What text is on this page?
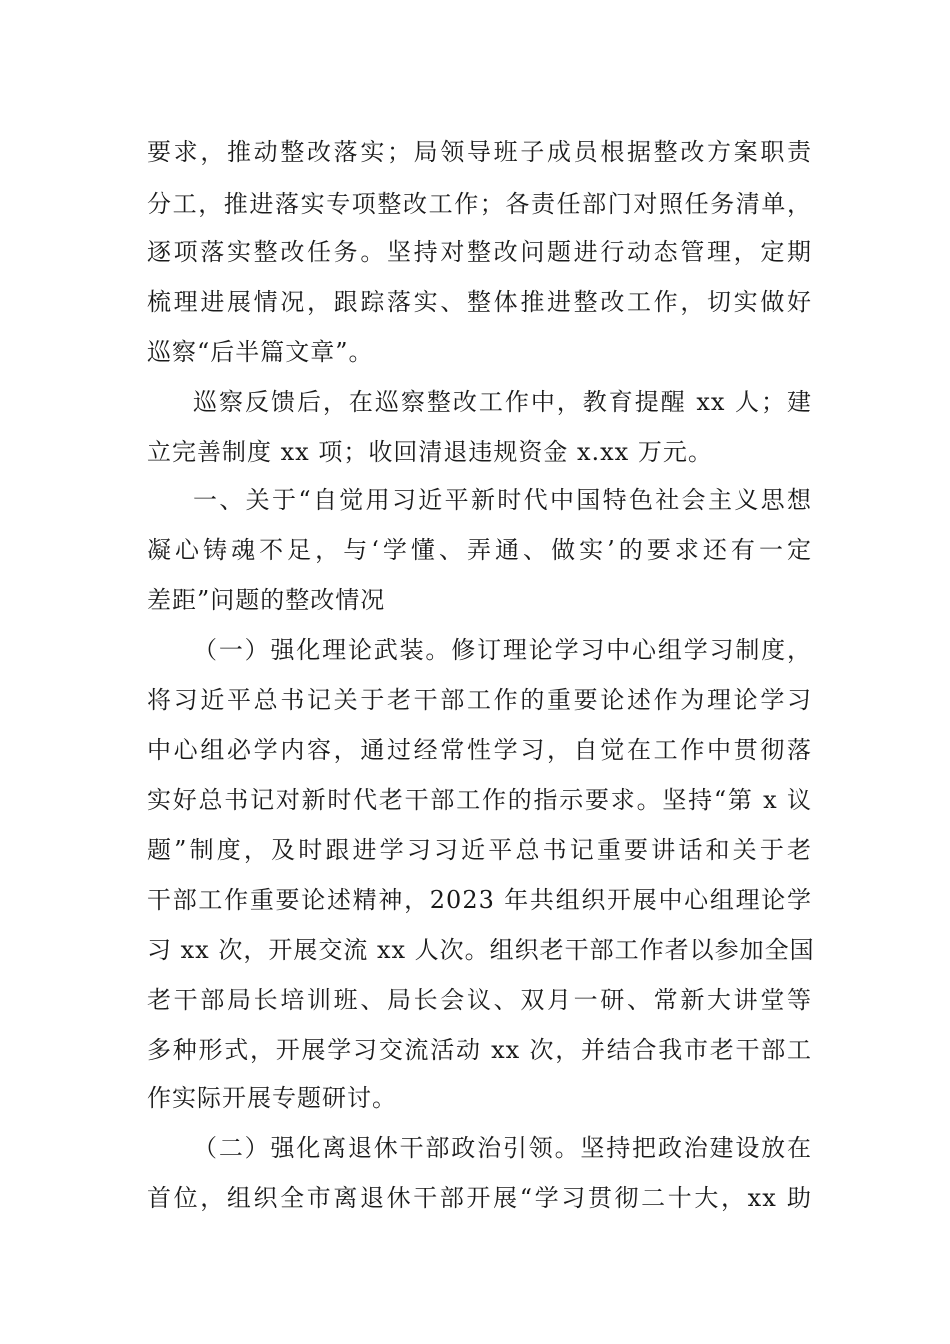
要求，推动整改落实；局领导班子成员根据整改方案职责
分工，推进落实专项整改工作；各责任部门对照任务清单，
逐项落实整改任务。坚持对整改问题进行动态管理，定期
梳理进展情况，跟踪落实、整体推进整改工作，切实做好
巡察“后半篇文章”。
巡察反馈后，在巡察整改工作中，教育提醒 xx 人；建
立完善制度 xx 项；收回清退违规资金 x.xx 万元。
一、关于“自觉用习近平新时代中国特色社会主义思想
凝心铸魂不足，与‘学懂、弄通、做实’的要求还有一定
差距”问题的整改情况
（一）强化理论武装。修订理论学习中心组学习制度，
将习近平总书记关于老干部工作的重要论述作为理论学习
中心组必学内容，通过经常性学习，自觉在工作中贯彻落
实好总书记对新时代老干部工作的指示要求。坚持“第 x 议
题”制度，及时跟进学习习近平总书记重要讲话和关于老
干部工作重要论述精神，2023 年共组织开展中心组理论学
习 xx 次，开展交流 xx 人次。组织老干部工作者以参加全国
老干部局长培训班、局长会议、双月一研、常新大讲堂等
多种形式，开展学习交流活动 xx 次，并结合我市老干部工
作实际开展专题研讨。
（二）强化离退休干部政治引领。坚持把政治建设放在
首位，组织全市离退休干部开展“学习贯彻二十大，xx 助
